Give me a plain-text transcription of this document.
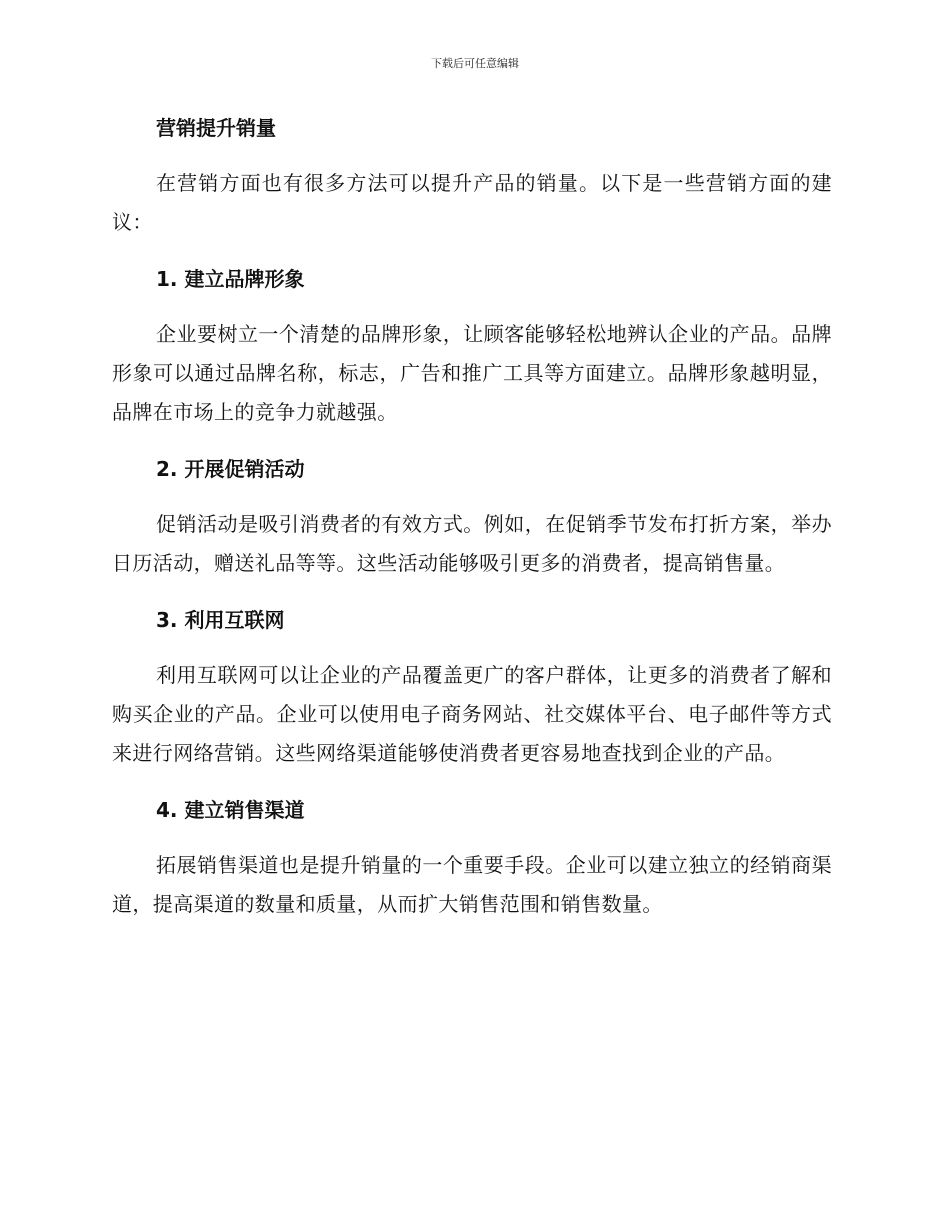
下载后可任意编辑
营销提升销量

在营销方面也有很多方法可以提升产品的销量。以下是一些营销方面的建议：

1. 建立品牌形象

企业要树立一个清楚的品牌形象，让顾客能够轻松地辨认企业的产品。品牌形象可以通过品牌名称，标志，广告和推广工具等方面建立。品牌形象越明显，品牌在市场上的竞争力就越强。

2. 开展促销活动

促销活动是吸引消费者的有效方式。例如，在促销季节发布打折方案，举办日历活动，赠送礼品等等。这些活动能够吸引更多的消费者，提高销售量。

3. 利用互联网

利用互联网可以让企业的产品覆盖更广的客户群体，让更多的消费者了解和购买企业的产品。企业可以使用电子商务网站、社交媒体平台、电子邮件等方式来进行网络营销。这些网络渠道能够使消费者更容易地查找到企业的产品。

4. 建立销售渠道

拓展销售渠道也是提升销量的一个重要手段。企业可以建立独立的经销商渠道，提高渠道的数量和质量，从而扩大销售范围和销售数量。
